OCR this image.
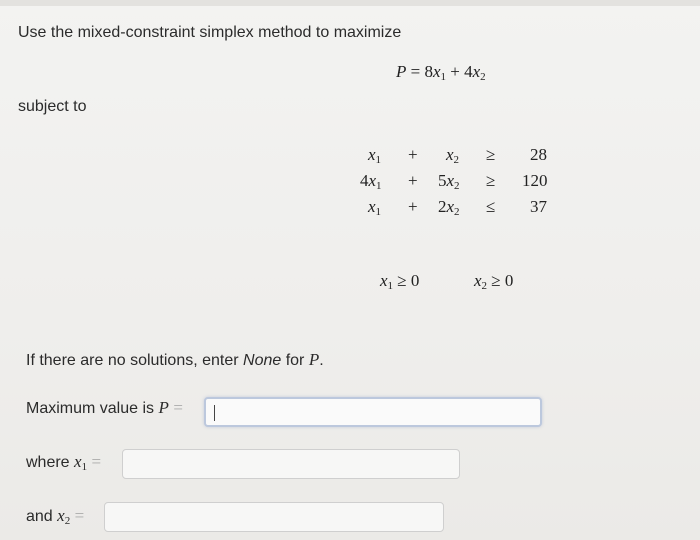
Use the mixed-constraint simplex method to maximize
$P = 8x_1 + 4x_2$
subject to
$x_1 + x_2 \ge 28$
$4x_1 + 5x_2 \ge 120$
$x_1 + 2x_2 \le 37$
$x_1 \ge 0$	$x_2 \ge 0$
If there are no solutions, enter None for P.
Maximum value is P =
where $x_1$ =
and $x_2$ =
